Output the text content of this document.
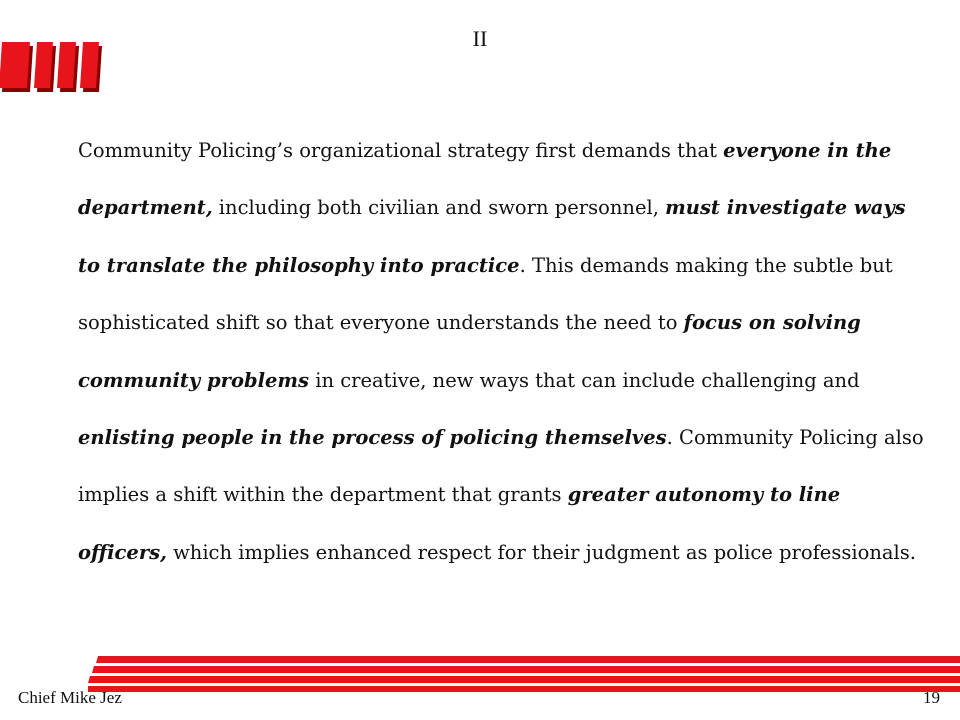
II

Community Policing’s organizational strategy first demands that everyone in the department, including both civilian and sworn personnel, must investigate ways to translate the philosophy into practice. This demands making the subtle but sophisticated shift so that everyone understands the need to focus on solving community problems in creative, new ways that can include challenging and enlisting people in the process of policing themselves. Community Policing also implies a shift within the department that grants greater autonomy to line officers, which implies enhanced respect for their judgment as police professionals.

Chief Mike Jez	19
